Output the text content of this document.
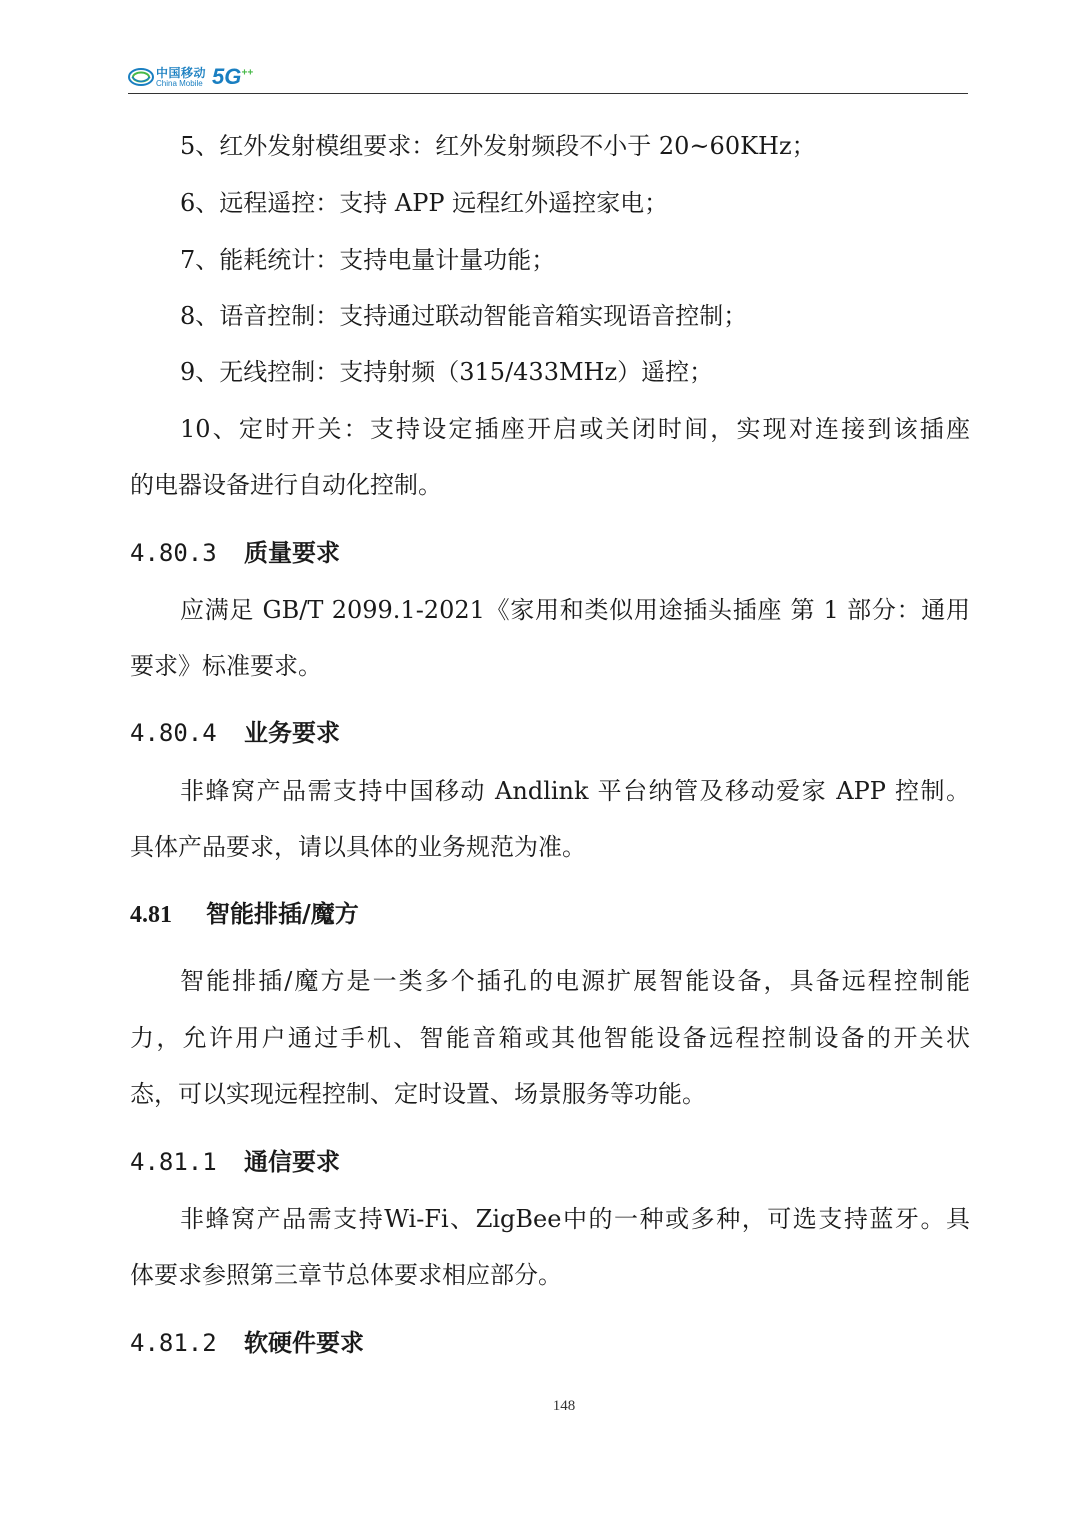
中国移动
China Mobile 5G++
5、红外发射模组要求：红外发射频段不小于 20~60KHz；
6、远程遥控：支持 APP 远程红外遥控家电；
7、能耗统计：支持电量计量功能；
8、语音控制：支持通过联动智能音箱实现语音控制；
9、无线控制：支持射频（315/433MHz）遥控；
10、定时开关：支持设定插座开启或关闭时间，实现对连接到该插座
的电器设备进行自动化控制。
4.80.3 质量要求
应满足 GB/T 2099.1-2021《家用和类似用途插头插座 第 1 部分：通用
要求》标准要求。
4.80.4 业务要求
非蜂窝产品需支持中国移动 Andlink 平台纳管及移动爱家 APP 控制。
具体产品要求，请以具体的业务规范为准。
4.81 智能排插/魔方
智能排插/魔方是一类多个插孔的电源扩展智能设备，具备远程控制能
力，允许用户通过手机、智能音箱或其他智能设备远程控制设备的开关状
态，可以实现远程控制、定时设置、场景服务等功能。
4.81.1 通信要求
非蜂窝产品需支持Wi-Fi、ZigBee中的一种或多种，可选支持蓝牙。具
体要求参照第三章节总体要求相应部分。
4.81.2 软硬件要求
148
